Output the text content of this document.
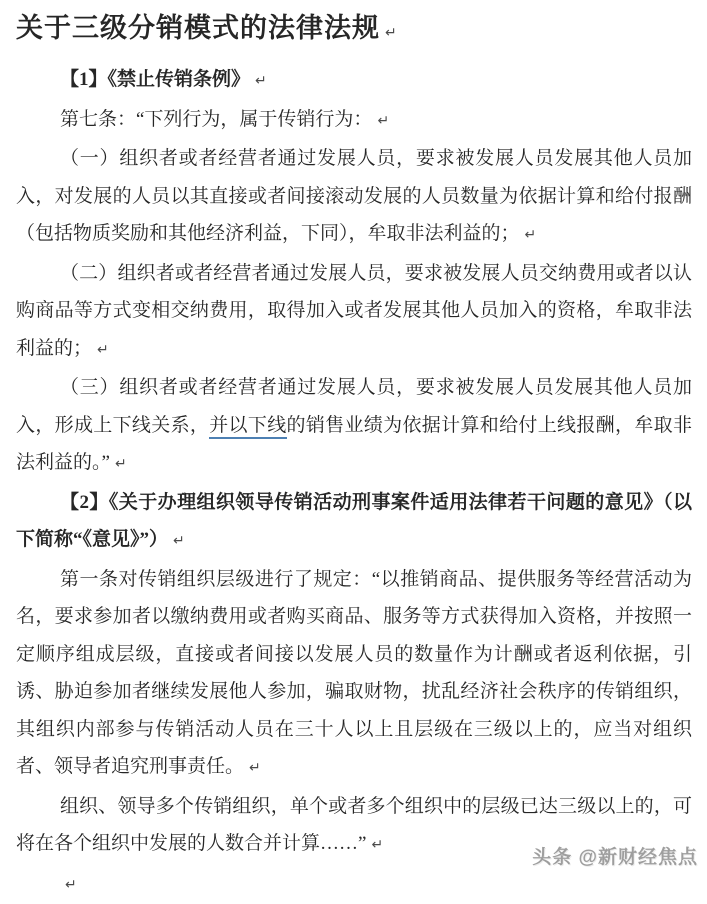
关于三级分销模式的法律法规 ↵

【1】《禁止传销条例》 ↵

第七条：“下列行为，属于传销行为： ↵

（一）组织者或者经营者通过发展人员，要求被发展人员发展其他人员加入，对发展的人员以其直接或者间接滚动发展的人员数量为依据计算和给付报酬（包括物质奖励和其他经济利益，下同），牟取非法利益的； ↵

（二）组织者或者经营者通过发展人员，要求被发展人员交纳费用或者以认购商品等方式变相交纳费用，取得加入或者发展其他人员加入的资格，牟取非法利益的； ↵

（三）组织者或者经营者通过发展人员，要求被发展人员发展其他人员加入，形成上下线关系，并以下线的销售业绩为依据计算和给付上线报酬，牟取非法利益的。” ↵

【2】《关于办理组织领导传销活动刑事案件适用法律若干问题的意见》（以下简称“《意见》”） ↵

第一条对传销组织层级进行了规定：“以推销商品、提供服务等经营活动为名，要求参加者以缴纳费用或者购买商品、服务等方式获得加入资格，并按照一定顺序组成层级，直接或者间接以发展人员的数量作为计酬或者返利依据，引诱、胁迫参加者继续发展他人参加，骗取财物，扰乱经济社会秩序的传销组织，其组织内部参与传销活动人员在三十人以上且层级在三级以上的，应当对组织者、领导者追究刑事责任。 ↵

组织、领导多个传销组织，单个或者多个组织中的层级已达三级以上的，可将在各个组织中发展的人数合并计算……” ↵

↵

头条 @新财经焦点
